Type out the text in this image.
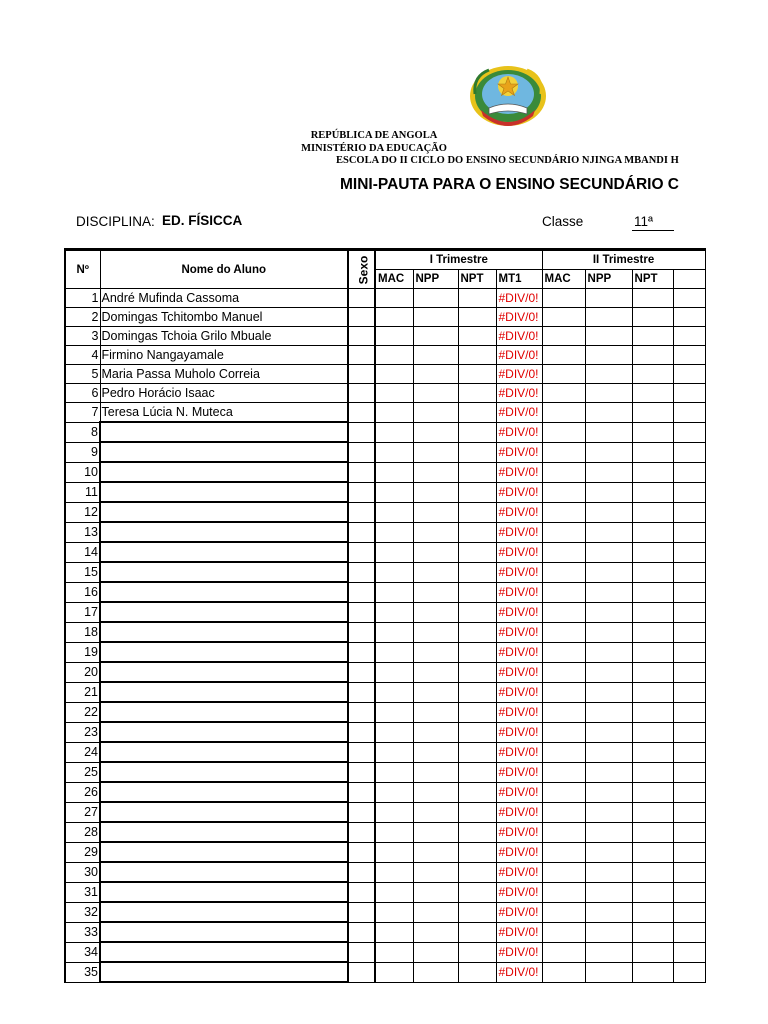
REPÚBLICA DE ANGOLA
MINISTÉRIO DA EDUCAÇÃO
ESCOLA DO II CICLO DO ENSINO SECUNDÁRIO NJINGA MBANDI H
MINI-PAUTA PARA O ENSINO SECUNDÁRIO C
DISCIPLINA: ED. FÍSICCA	Classe	11ª
Nº	Nome do Aluno	Sexo	I Trimestre				II Trimestre			
			MAC	NPP	NPT	MT1	MAC	NPP	NPT	
1	André Mufinda Cassoma					#DIV/0!				
2	Domingas Tchitombo Manuel					#DIV/0!				
3	Domingas Tchoia Grilo Mbuale					#DIV/0!				
4	Firmino Nangayamale					#DIV/0!				
5	Maria Passa Muholo Correia					#DIV/0!				
6	Pedro Horácio Isaac					#DIV/0!				
7	Teresa Lúcia N. Muteca					#DIV/0!				
8						#DIV/0!				
9						#DIV/0!				
10						#DIV/0!				
11						#DIV/0!				
12						#DIV/0!				
13						#DIV/0!				
14						#DIV/0!				
15						#DIV/0!				
16						#DIV/0!				
17						#DIV/0!				
18						#DIV/0!				
19						#DIV/0!				
20						#DIV/0!				
21						#DIV/0!				
22						#DIV/0!				
23						#DIV/0!				
24						#DIV/0!				
25						#DIV/0!				
26						#DIV/0!				
27						#DIV/0!				
28						#DIV/0!				
29						#DIV/0!				
30						#DIV/0!				
31						#DIV/0!				
32						#DIV/0!				
33						#DIV/0!				
34						#DIV/0!				
35						#DIV/0!				
